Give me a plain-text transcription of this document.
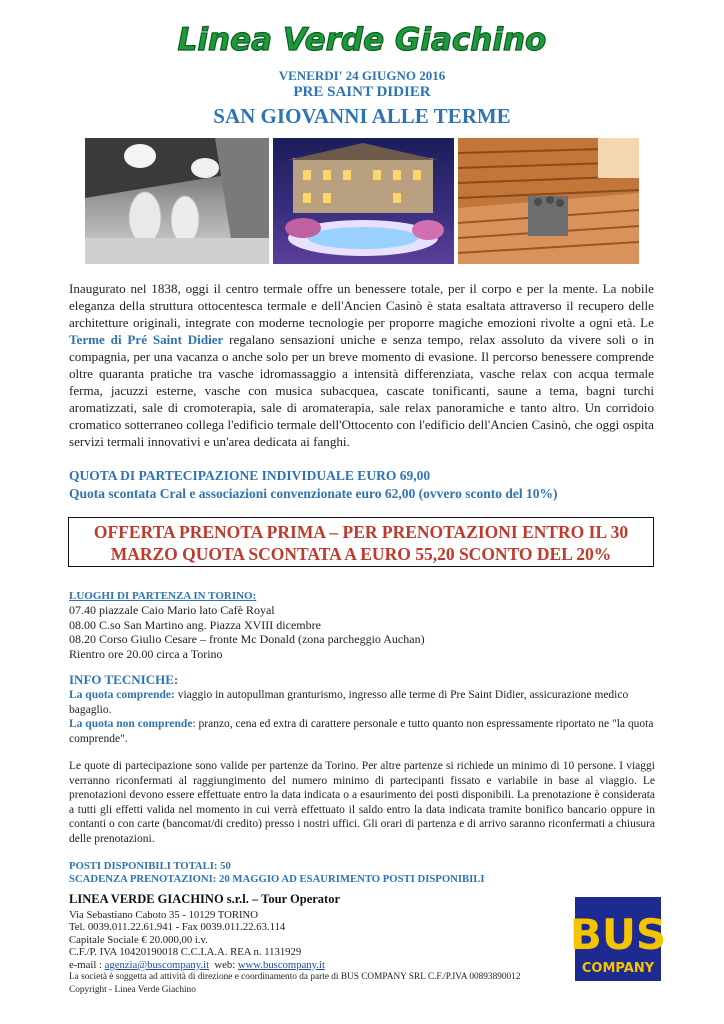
Linea Verde Giachino
VENERDI' 24 GIUGNO 2016
PRE SAINT DIDIER
SAN GIOVANNI ALLE TERME

Inaugurato nel 1838, oggi il centro termale offre un benessere totale, per il corpo e per la mente. La nobile eleganza della struttura ottocentesca termale e dell'Ancien Casinò è stata esaltata attraverso il recupero delle architetture originali, integrate con moderne tecnologie per proporre magiche emozioni rivolte a ogni età. Le Terme di Pré Saint Didier regalano sensazioni uniche e senza tempo, relax assoluto da vivere soli o in compagnia, per una vacanza o anche solo per un breve momento di evasione. Il percorso benessere comprende oltre quaranta pratiche tra vasche idromassaggio a intensità differenziata, vasche relax con acqua termale ferma, jacuzzi esterne, vasche con musica subacquea, cascate tonificanti, saune a tema, bagni turchi aromatizzati, sale di cromoterapia, sale di aromaterapia, sale relax panoramiche e tanto altro. Un corridoio cromatico sotterraneo collega l'edificio termale dell'Ottocento con l'edificio dell'Ancien Casinò, che oggi ospita servizi termali innovativi e un'area dedicata ai fanghi.

QUOTA DI PARTECIPAZIONE INDIVIDUALE EURO 69,00
Quota scontata Cral e associazioni convenzionate euro 62,00 (ovvero sconto del 10%)
OFFERTA PRENOTA PRIMA – PER PRENOTAZIONI ENTRO IL 30
MARZO QUOTA SCONTATA A EURO 55,20 SCONTO DEL 20%
LUOGHI DI PARTENZA IN TORINO:
07.40 piazzale Caio Mario lato Cafè Royal
08.00 C.so San Martino ang. Piazza XVIII dicembre
08.20 Corso Giulio Cesare – fronte Mc Donald (zona parcheggio Auchan)
Rientro ore 20.00 circa a Torino
INFO TECNICHE:
La quota comprende: viaggio in autopullman granturismo, ingresso alle terme di Pre Saint Didier, assicurazione medico bagaglio.
La quota non comprende: pranzo, cena ed extra di carattere personale e tutto quanto non espressamente riportato ne "la quota comprende".

Le quote di partecipazione sono valide per partenze da Torino. Per altre partenze si richiede un minimo di 10 persone. I viaggi verranno riconfermati al raggiungimento del numero minimo di partecipanti fissato e variabile in base al viaggio. Le prenotazioni devono essere effettuate entro la data indicata o a esaurimento dei posti disponibili. La prenotazione è considerata a tutti gli effetti valida nel momento in cui verrà effettuato il saldo entro la data indicata tramite bonifico bancario oppure in contanti o con carte (bancomat/di credito) presso i nostri uffici. Gli orari di partenza e di arrivo saranno riconfermati a chiusura delle prenotazioni.

POSTI DISPONIBILI TOTALI: 50
SCADENZA PRENOTAZIONI: 20 MAGGIO AD ESAURIMENTO POSTI DISPONIBILI
LINEA VERDE GIACHINO s.r.l. – Tour Operator
Via Sebastiano Caboto 35 - 10129 TORINO
Tel. 0039.011.22.61.941 - Fax 0039.011.22.63.114
Capitale Sociale € 20.000,00 i.v.
C.F./P. IVA 10420190018 C.C.I.A.A. REA n. 1131929
e-mail : agenzia@buscompany.it  web: www.buscompany.it
BUS
COMPANY
La società è soggetta ad attività di direzione e coordinamento da parte di BUS COMPANY SRL C.F./P.IVA 00893890012
Copyright - Linea Verde Giachino
